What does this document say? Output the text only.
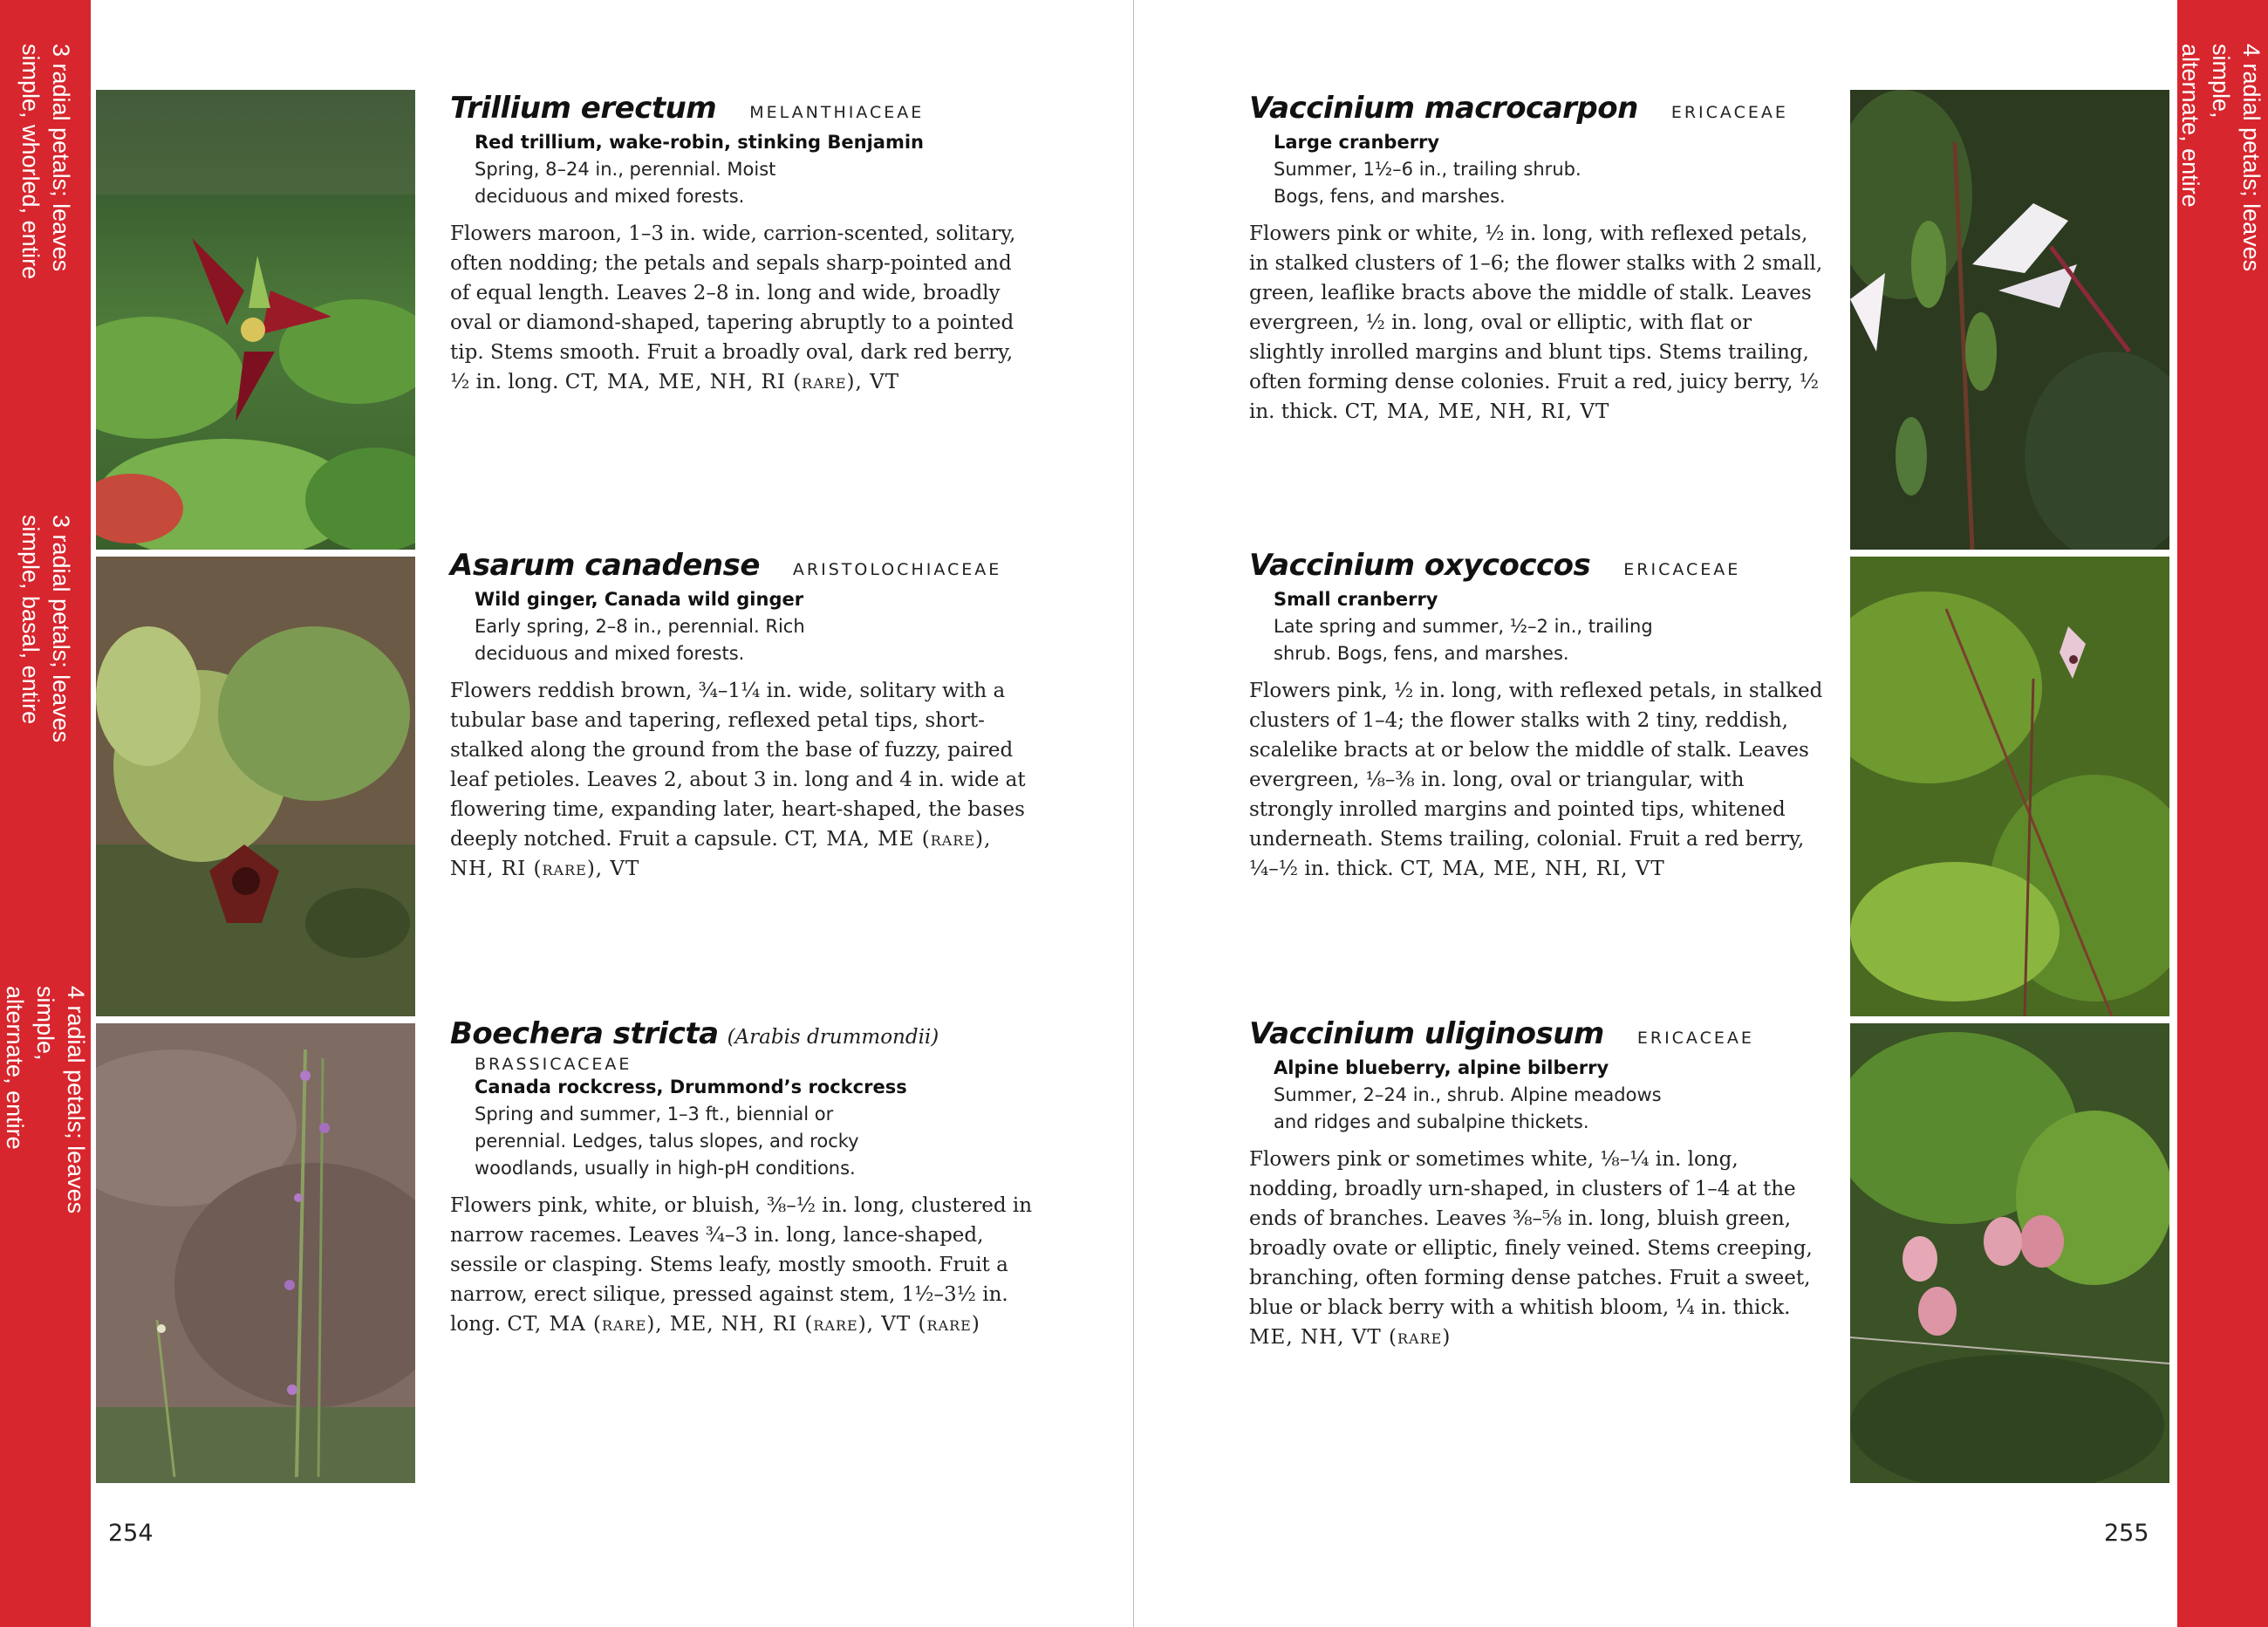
3 radial petals; leaves
simple, whorled, entire
3 radial petals; leaves
simple, basal, entire
4 radial petals; leaves simple,
alternate, entire
Trillium erectum MELANTHIACEAE
Red trillium, wake-robin, stinking Benjamin
Spring, 8–24 in., perennial. Moist
deciduous and mixed forests.

Flowers maroon, 1–3 in. wide, carrion-scented, solitary, often nodding; the petals and sepals sharp-pointed and of equal length. Leaves 2–8 in. long and wide, broadly oval or diamond-shaped, tapering abruptly to a pointed tip. Stems smooth. Fruit a broadly oval, dark red berry, ½ in. long. CT, MA, ME, NH, RI (rare), VT

Asarum canadense ARISTOLOCHIACEAE
Wild ginger, Canada wild ginger
Early spring, 2–8 in., perennial. Rich
deciduous and mixed forests.

Flowers reddish brown, ¾–1¼ in. wide, solitary with a tubular base and tapering, reflexed petal tips, short-stalked along the ground from the base of fuzzy, paired leaf petioles. Leaves 2, about 3 in. long and 4 in. wide at flowering time, expanding later, heart-shaped, the bases deeply notched. Fruit a capsule. CT, MA, ME (rare), NH, RI (rare), VT

Boechera stricta (Arabis drummondii)
BRASSICACEAE
Canada rockcress, Drummond’s rockcress
Spring and summer, 1–3 ft., biennial or
perennial. Ledges, talus slopes, and rocky
woodlands, usually in high-pH conditions.

Flowers pink, white, or bluish, ⅜–½ in. long, clustered in narrow racemes. Leaves ¾–3 in. long, lance-shaped, sessile or clasping. Stems leafy, mostly smooth. Fruit a narrow, erect silique, pressed against stem, 1½–3½ in. long. CT, MA (rare), ME, NH, RI (rare), VT (rare)

254
4 radial petals; leaves simple,
alternate, entire
Vaccinium macrocarpon ERICACEAE
Large cranberry
Summer, 1½–6 in., trailing shrub.
Bogs, fens, and marshes.

Flowers pink or white, ½ in. long, with reflexed petals, in stalked clusters of 1–6; the flower stalks with 2 small, green, leaflike bracts above the middle of stalk. Leaves evergreen, ½ in. long, oval or elliptic, with flat or slightly inrolled margins and blunt tips. Stems trailing, often forming dense colonies. Fruit a red, juicy berry, ½ in. thick. CT, MA, ME, NH, RI, VT

Vaccinium oxycoccos ERICACEAE
Small cranberry
Late spring and summer, ½–2 in., trailing
shrub. Bogs, fens, and marshes.

Flowers pink, ½ in. long, with reflexed petals, in stalked clusters of 1–4; the flower stalks with 2 tiny, reddish, scalelike bracts at or below the middle of stalk. Leaves evergreen, ⅛–⅜ in. long, oval or triangular, with strongly inrolled margins and pointed tips, whitened underneath. Stems trailing, colonial. Fruit a red berry, ¼–½ in. thick. CT, MA, ME, NH, RI, VT

Vaccinium uliginosum ERICACEAE
Alpine blueberry, alpine bilberry
Summer, 2–24 in., shrub. Alpine meadows
and ridges and subalpine thickets.

Flowers pink or sometimes white, ⅛–¼ in. long, nodding, broadly urn-shaped, in clusters of 1–4 at the ends of branches. Leaves ⅜–⅝ in. long, bluish green, broadly ovate or elliptic, finely veined. Stems creeping, branching, often forming dense patches. Fruit a sweet, blue or black berry with a whitish bloom, ¼ in. thick. ME, NH, VT (rare)

255
